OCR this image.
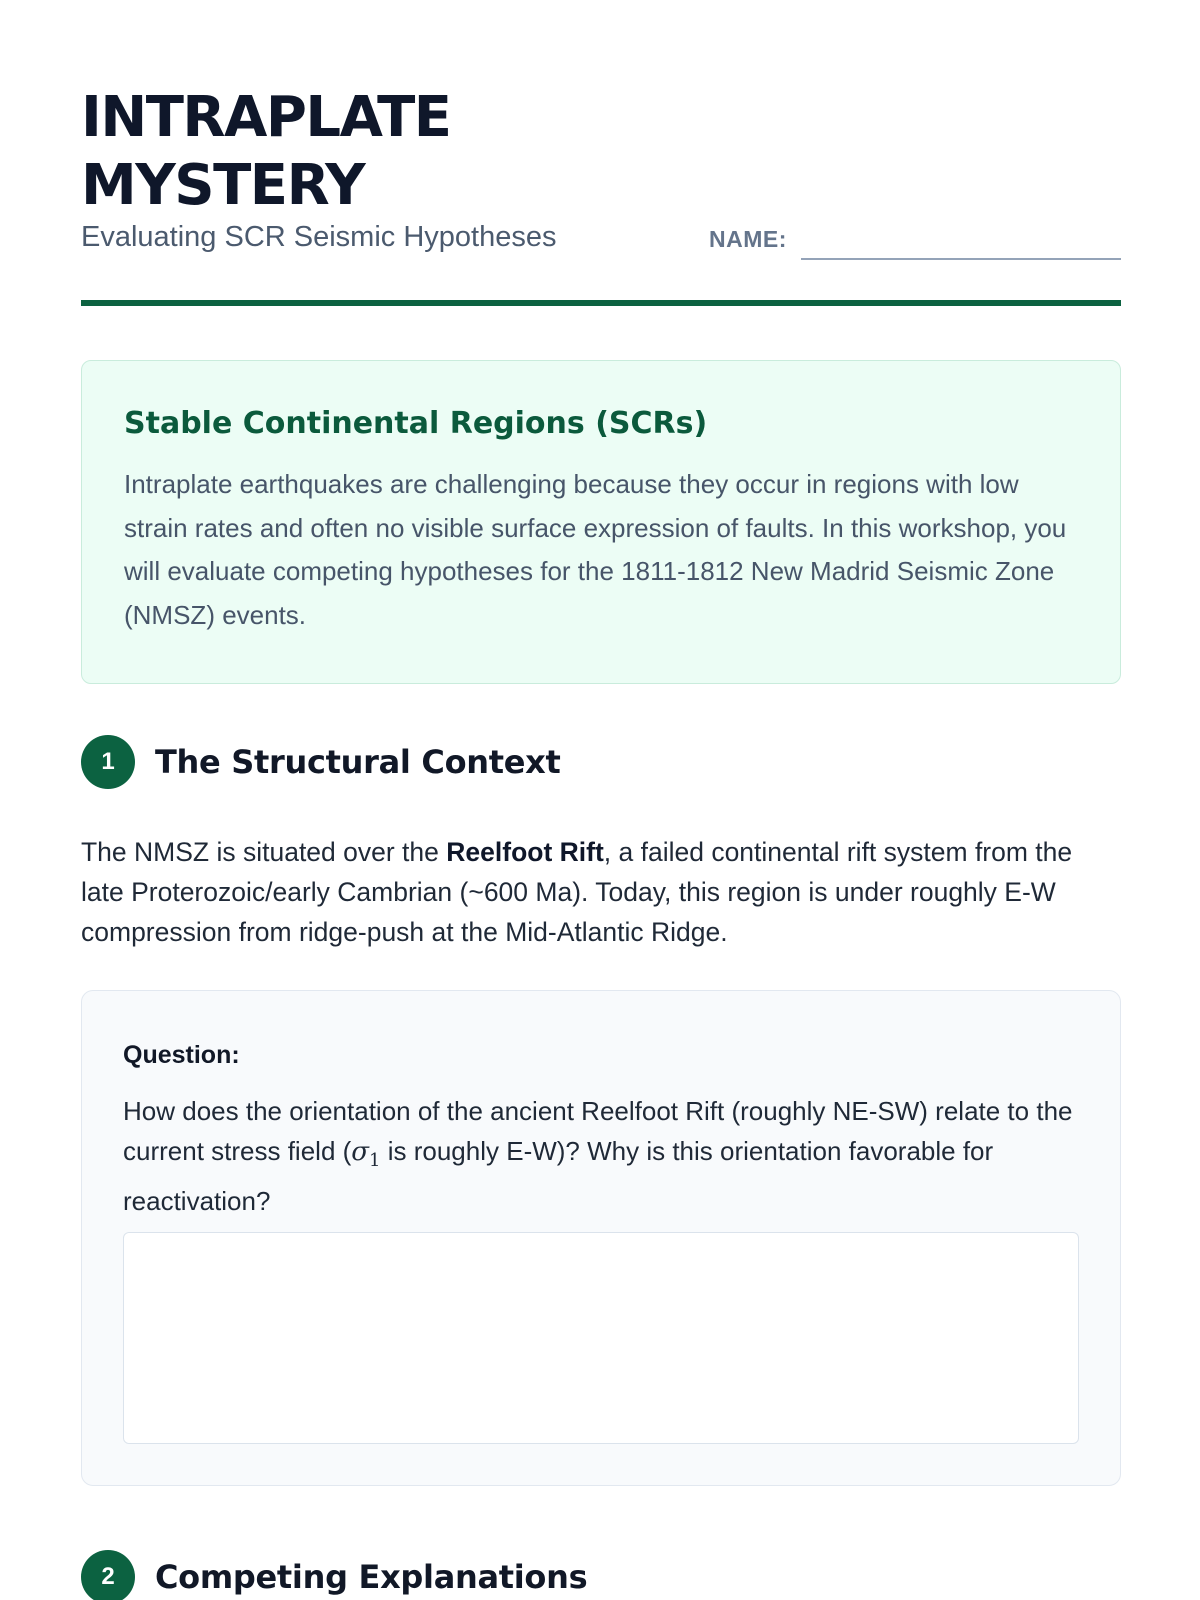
INTRAPLATE MYSTERY
Evaluating SCR Seismic Hypotheses	NAME:
Stable Continental Regions (SCRs)

Intraplate earthquakes are challenging because they occur in regions with low strain rates and often no visible surface expression of faults. In this workshop, you will evaluate competing hypotheses for the 1811-1812 New Madrid Seismic Zone (NMSZ) events.

1	The Structural Context

The NMSZ is situated over the Reelfoot Rift, a failed continental rift system from the late Proterozoic/early Cambrian (~600 Ma). Today, this region is under roughly E-W compression from ridge-push at the Mid-Atlantic Ridge.

Question:

How does the orientation of the ancient Reelfoot Rift (roughly NE-SW) relate to the current stress field ($\sigma_1$ is roughly E-W)? Why is this orientation favorable for reactivation?

2	Competing Explanations
